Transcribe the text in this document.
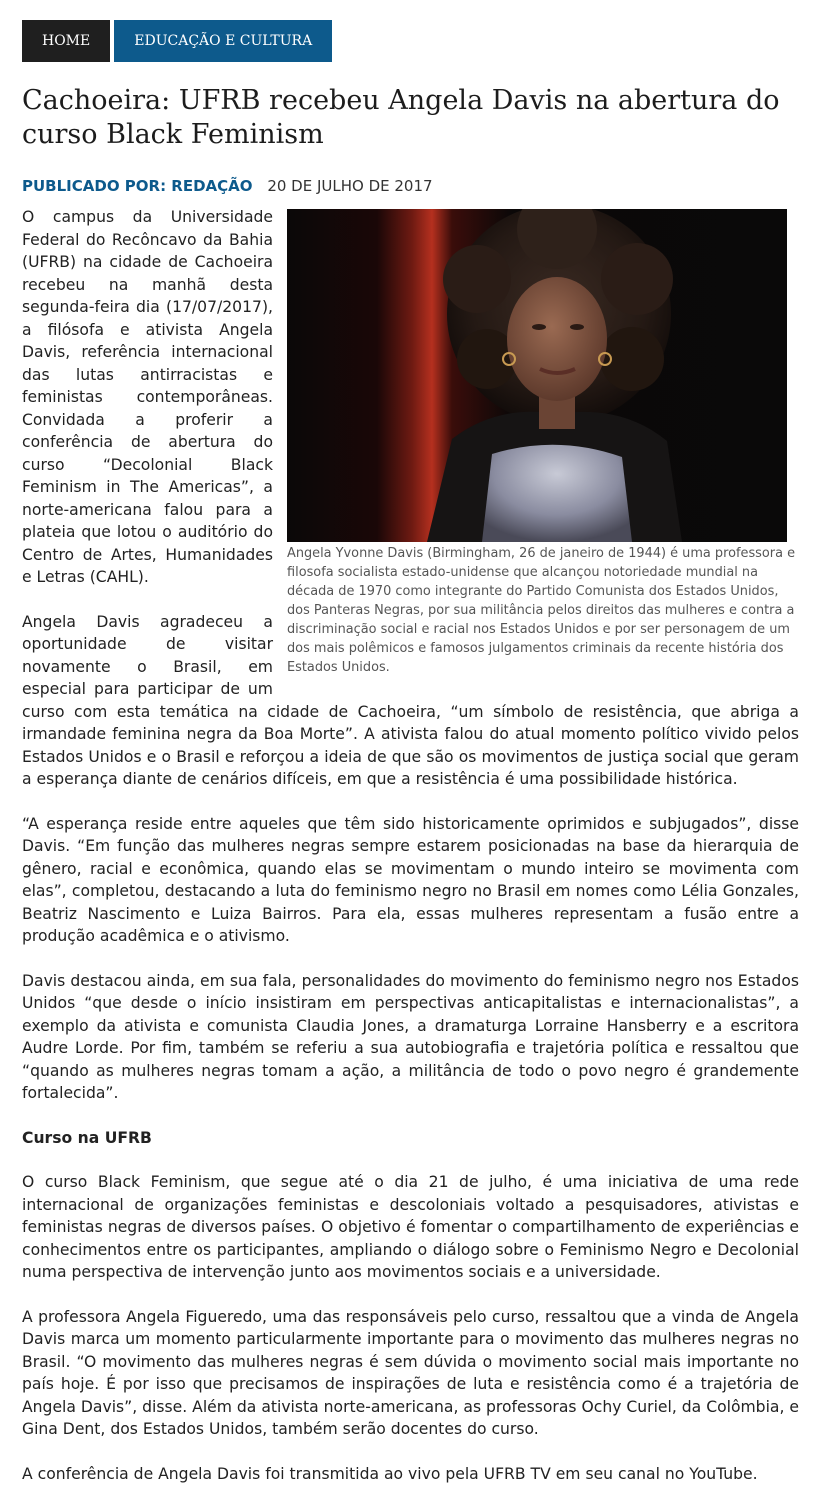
HOME	EDUCAÇÃO E CULTURA
Cachoeira: UFRB recebeu Angela Davis na abertura do curso Black Feminism
PUBLICADO POR: REDAÇÃO 20 DE JULHO DE 2017
Angela Yvonne Davis (Birmingham, 26 de janeiro de 1944) é uma professora e filosofa socialista estado-unidense que alcançou notoriedade mundial na década de 1970 como integrante do Partido Comunista dos Estados Unidos, dos Panteras Negras, por sua militância pelos direitos das mulheres e contra a discriminação social e racial nos Estados Unidos e por ser personagem de um dos mais polêmicos e famosos julgamentos criminais da recente história dos Estados Unidos.

O campus da Universidade Federal do Recôncavo da Bahia (UFRB) na cidade de Cachoeira recebeu na manhã desta segunda-feira dia (17/07/2017), a filósofa e ativista Angela Davis, referência internacional das lutas antirracistas e feministas contemporâneas. Convidada a proferir a conferência de abertura do curso “Decolonial Black Feminism in The Americas”, a norte-americana falou para a plateia que lotou o auditório do Centro de Artes, Humanidades e Letras (CAHL).

Angela Davis agradeceu a oportunidade de visitar novamente o Brasil, em especial para participar de um curso com esta temática na cidade de Cachoeira, “um símbolo de resistência, que abriga a irmandade feminina negra da Boa Morte”. A ativista falou do atual momento político vivido pelos Estados Unidos e o Brasil e reforçou a ideia de que são os movimentos de justiça social que geram a esperança diante de cenários difíceis, em que a resistência é uma possibilidade histórica.

“A esperança reside entre aqueles que têm sido historicamente oprimidos e subjugados”, disse Davis. “Em função das mulheres negras sempre estarem posicionadas na base da hierarquia de gênero, racial e econômica, quando elas se movimentam o mundo inteiro se movimenta com elas”, completou, destacando a luta do feminismo negro no Brasil em nomes como Lélia Gonzales, Beatriz Nascimento e Luiza Bairros. Para ela, essas mulheres representam a fusão entre a produção acadêmica e o ativismo.

Davis destacou ainda, em sua fala, personalidades do movimento do feminismo negro nos Estados Unidos “que desde o início insistiram em perspectivas anticapitalistas e internacionalistas”, a exemplo da ativista e comunista Claudia Jones, a dramaturga Lorraine Hansberry e a escritora Audre Lorde. Por fim, também se referiu a sua autobiografia e trajetória política e ressaltou que “quando as mulheres negras tomam a ação, a militância de todo o povo negro é grandemente fortalecida”.

Curso na UFRB

O curso Black Feminism, que segue até o dia 21 de julho, é uma iniciativa de uma rede internacional de organizações feministas e descoloniais voltado a pesquisadores, ativistas e feministas negras de diversos países. O objetivo é fomentar o compartilhamento de experiências e conhecimentos entre os participantes, ampliando o diálogo sobre o Feminismo Negro e Decolonial numa perspectiva de intervenção junto aos movimentos sociais e a universidade.

A professora Angela Figueredo, uma das responsáveis pelo curso, ressaltou que a vinda de Angela Davis marca um momento particularmente importante para o movimento das mulheres negras no Brasil. “O movimento das mulheres negras é sem dúvida o movimento social mais importante no país hoje. É por isso que precisamos de inspirações de luta e resistência como é a trajetória de Angela Davis”, disse. Além da ativista norte-americana, as professoras Ochy Curiel, da Colômbia, e Gina Dent, dos Estados Unidos, também serão docentes do curso.

A conferência de Angela Davis foi transmitida ao vivo pela UFRB TV em seu canal no YouTube.
